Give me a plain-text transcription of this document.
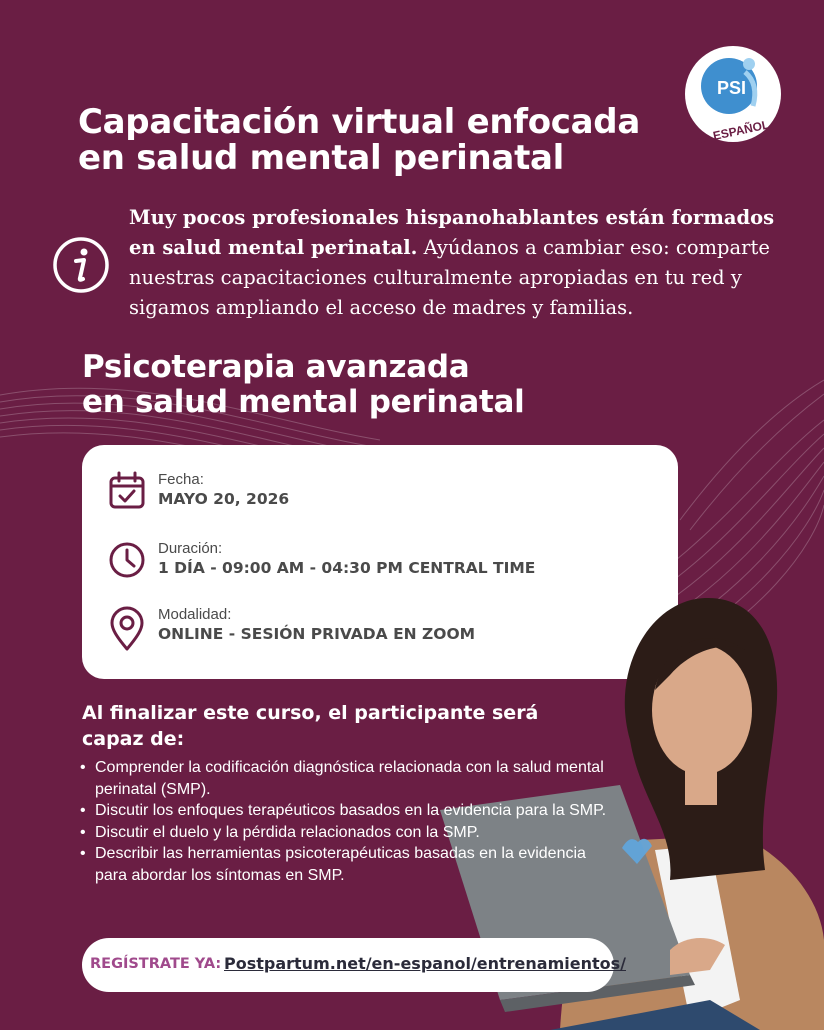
PSI
en ESPAÑOL
Capacitación virtual enfocada
en salud mental perinatal

Muy pocos profesionales hispanohablantes están formados en salud mental perinatal. Ayúdanos a cambiar eso: comparte nuestras capacitaciones culturalmente apropiadas en tu red y sigamos ampliando el acceso de madres y familias.

Psicoterapia avanzada
en salud mental perinatal
Fecha:
MAYO 20, 2026
Duración:
1 DÍA - 09:00 AM - 04:30 PM CENTRAL TIME
Modalidad:
ONLINE - SESIÓN PRIVADA EN ZOOM
Al finalizar este curso, el participante será capaz de:
• Comprender la codificación diagnóstica relacionada con la salud mental perinatal (SMP).
• Discutir los enfoques terapéuticos basados en la evidencia para la SMP.
• Discutir el duelo y la pérdida relacionados con la SMP.
• Describir las herramientas psicoterapéuticas basadas en la evidencia para abordar los síntomas en SMP.
REGÍSTRATE YA: Postpartum.net/en-espanol/entrenamientos/
